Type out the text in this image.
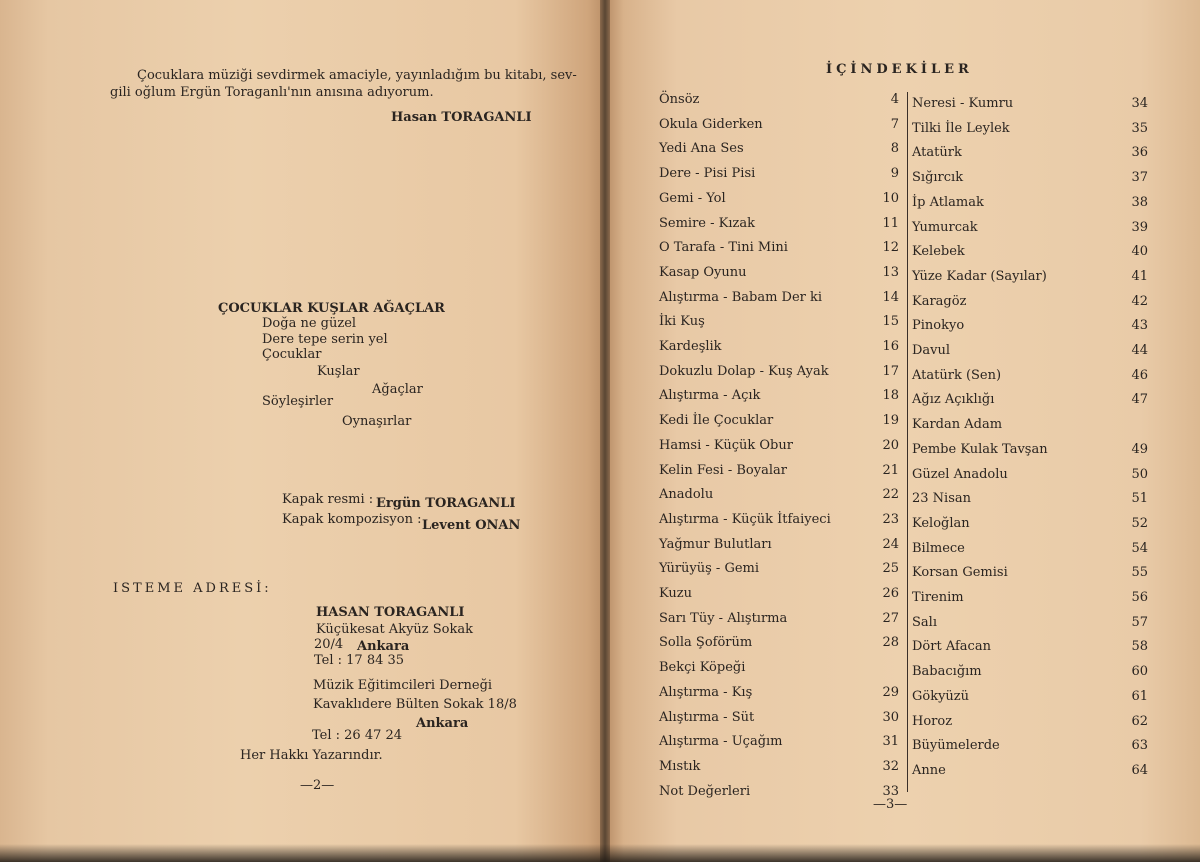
Çocuklara müziği sevdirmek amaciyle, yayınladığım bu kitabı, sev-
gili oğlum Ergün Toraganlı'nın anısına adıyorum.
Hasan TORAGANLI
ÇOCUKLAR KUŞLAR AĞAÇLAR
Doğa ne güzel
Dere tepe serin yel
Çocuklar
Kuşlar
Ağaçlar
Söyleşirler
Oynaşırlar
Kapak resmi : Ergün TORAGANLI
Kapak kompozisyon : Levent ONAN
ISTEME ADRESİ:
HASAN TORAGANLI
Küçükesat Akyüz Sokak
20/4 Ankara
Tel : 17 84 35
Müzik Eğitimcileri Derneği
Kavaklıdere Bülten Sokak 18/8
Ankara
Tel : 26 47 24
Her Hakkı Yazarındır.
—2—
İÇİNDEKİLER
Önsöz	4
Okula Giderken	7
Yedi Ana Ses	8
Dere - Pisi Pisi	9
Gemi - Yol	10
Semire - Kızak	11
O Tarafa - Tini Mini	12
Kasap Oyunu	13
Alıştırma - Babam Der ki	14
İki Kuş	15
Kardeşlik	16
Dokuzlu Dolap - Kuş Ayak	17
Alıştırma - Açık	18
Kedi İle Çocuklar	19
Hamsi - Küçük Obur	20
Kelin Fesi - Boyalar	21
Anadolu	22
Alıştırma - Küçük İtfaiyeci	23
Yağmur Bulutları	24
Yürüyüş - Gemi	25
Kuzu	26
Sarı Tüy - Alıştırma	27
Solla Şoförüm	28
Bekçi Köpeği
Alıştırma - Kış	29
Alıştırma - Süt	30
Alıştırma - Uçağım	31
Mıstık	32
Not Değerleri	33
Neresi - Kumru	34
Tilki İle Leylek	35
Atatürk	36
Sığırcık	37
İp Atlamak	38
Yumurcak	39
Kelebek	40
Yüze Kadar (Sayılar)	41
Karagöz	42
Pinokyo	43
Davul	44
Atatürk (Sen)	46
Ağız Açıklığı	47
Kardan Adam
Pembe Kulak Tavşan	49
Güzel Anadolu	50
23 Nisan	51
Keloğlan	52
Bilmece	54
Korsan Gemisi	55
Tirenim	56
Salı	57
Dört Afacan	58
Babacığım	60
Gökyüzü	61
Horoz	62
Büyümelerde	63
Anne	64
—3—
